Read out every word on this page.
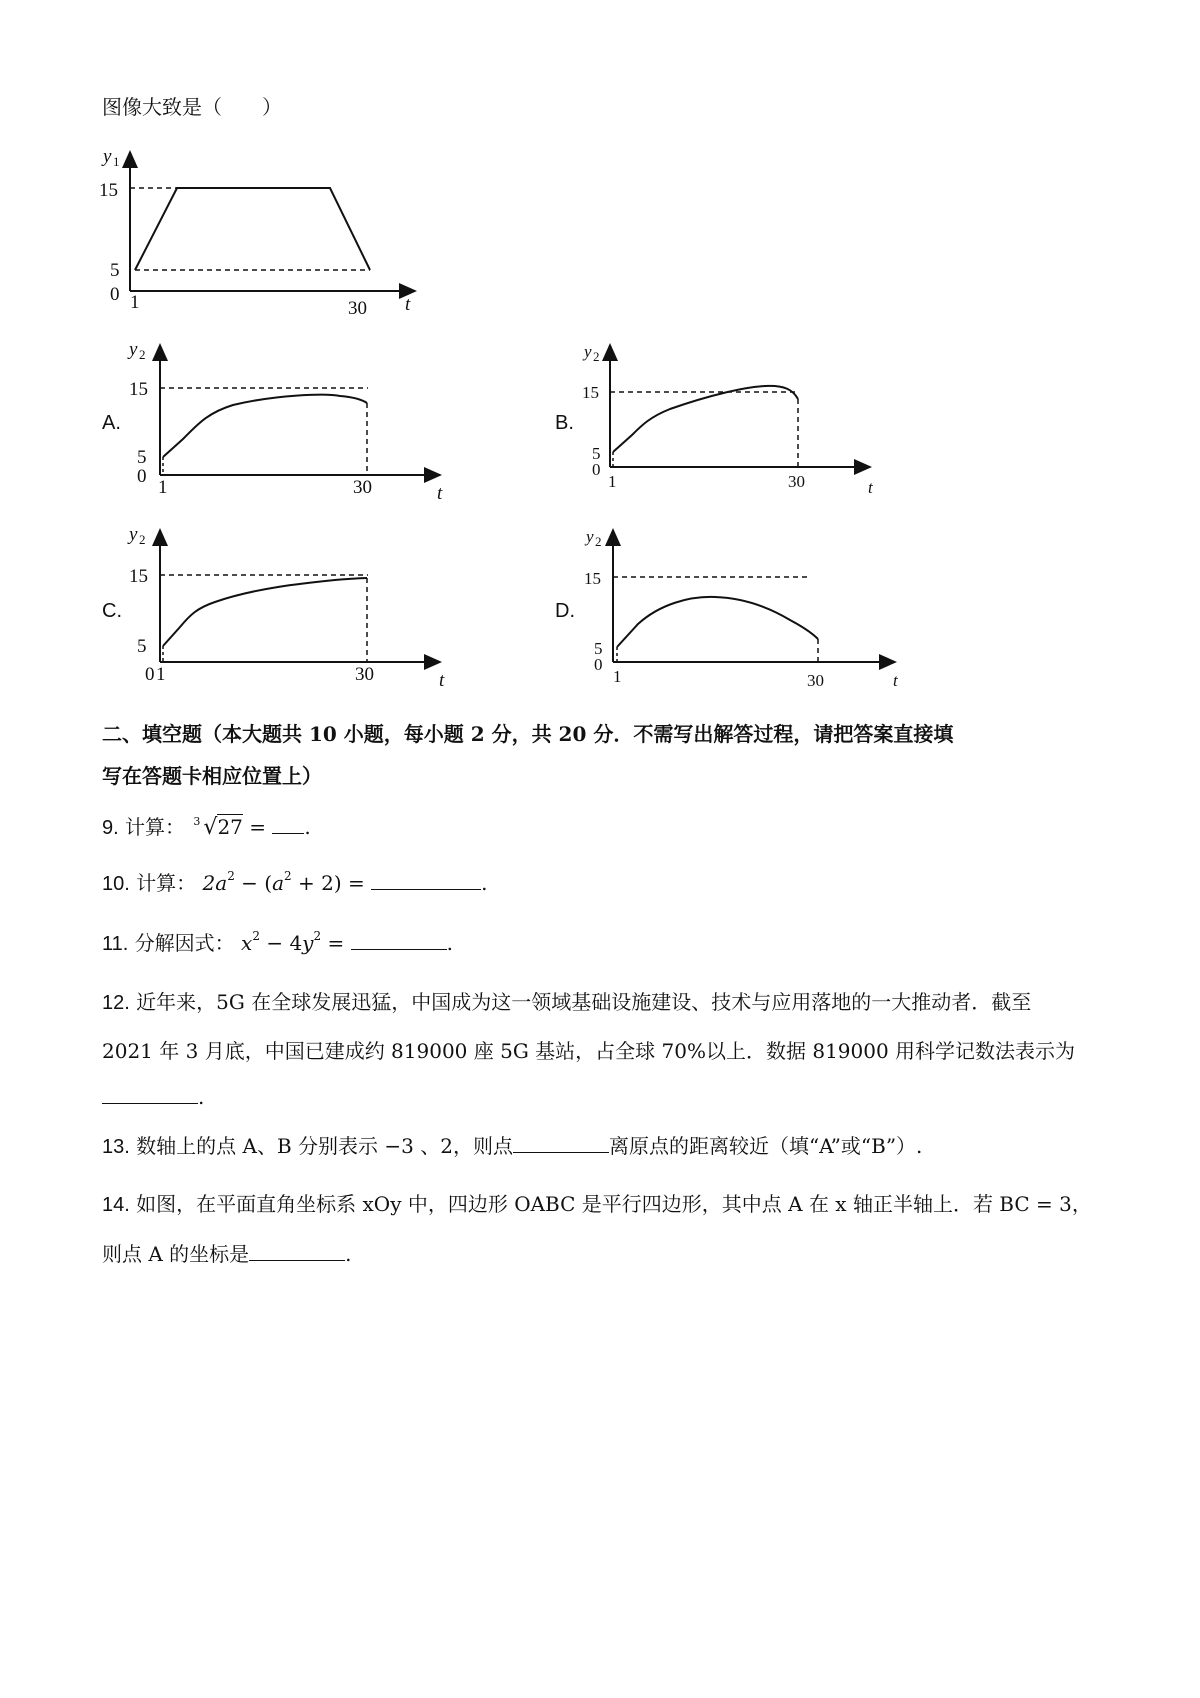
图像大致是（　　）
y 1
15
5
0 1	30 t
A.
y 2
15
5
0
1	30	t
B.
y 2
15
5
0
1	30	t
C.
y 2
15
5
0 1	30	t
D.
y 2
15
5
0
1	30	t
二、填空题（本大题共 10 小题，每小题 2 分，共 20 分．不需写出解答过程，请把答案直接填
写在答题卡相应位置上）
9. 计算： 3 √27 = .
10. 计算： $2a^2 - (a^2 + 2)$ =	.
11. 分解因式： $x^2 - 4y^2$ =	.
12. 近年来，5G 在全球发展迅猛，中国成为这一领域基础设施建设、技术与应用落地的一大推动者．截至
2021 年 3 月底，中国已建成约 819000 座 5G 基站，占全球 70%以上．数据 819000 用科学记数法表示为
.
13. 数轴上的点 A、B 分别表示 −3 、2，则点	离原点的距离较近（填“A”或“B”）.
14. 如图，在平面直角坐标系 xOy 中，四边形 OABC 是平行四边形，其中点 A 在 x 轴正半轴上．若 BC = 3，
则点 A 的坐标是	.
